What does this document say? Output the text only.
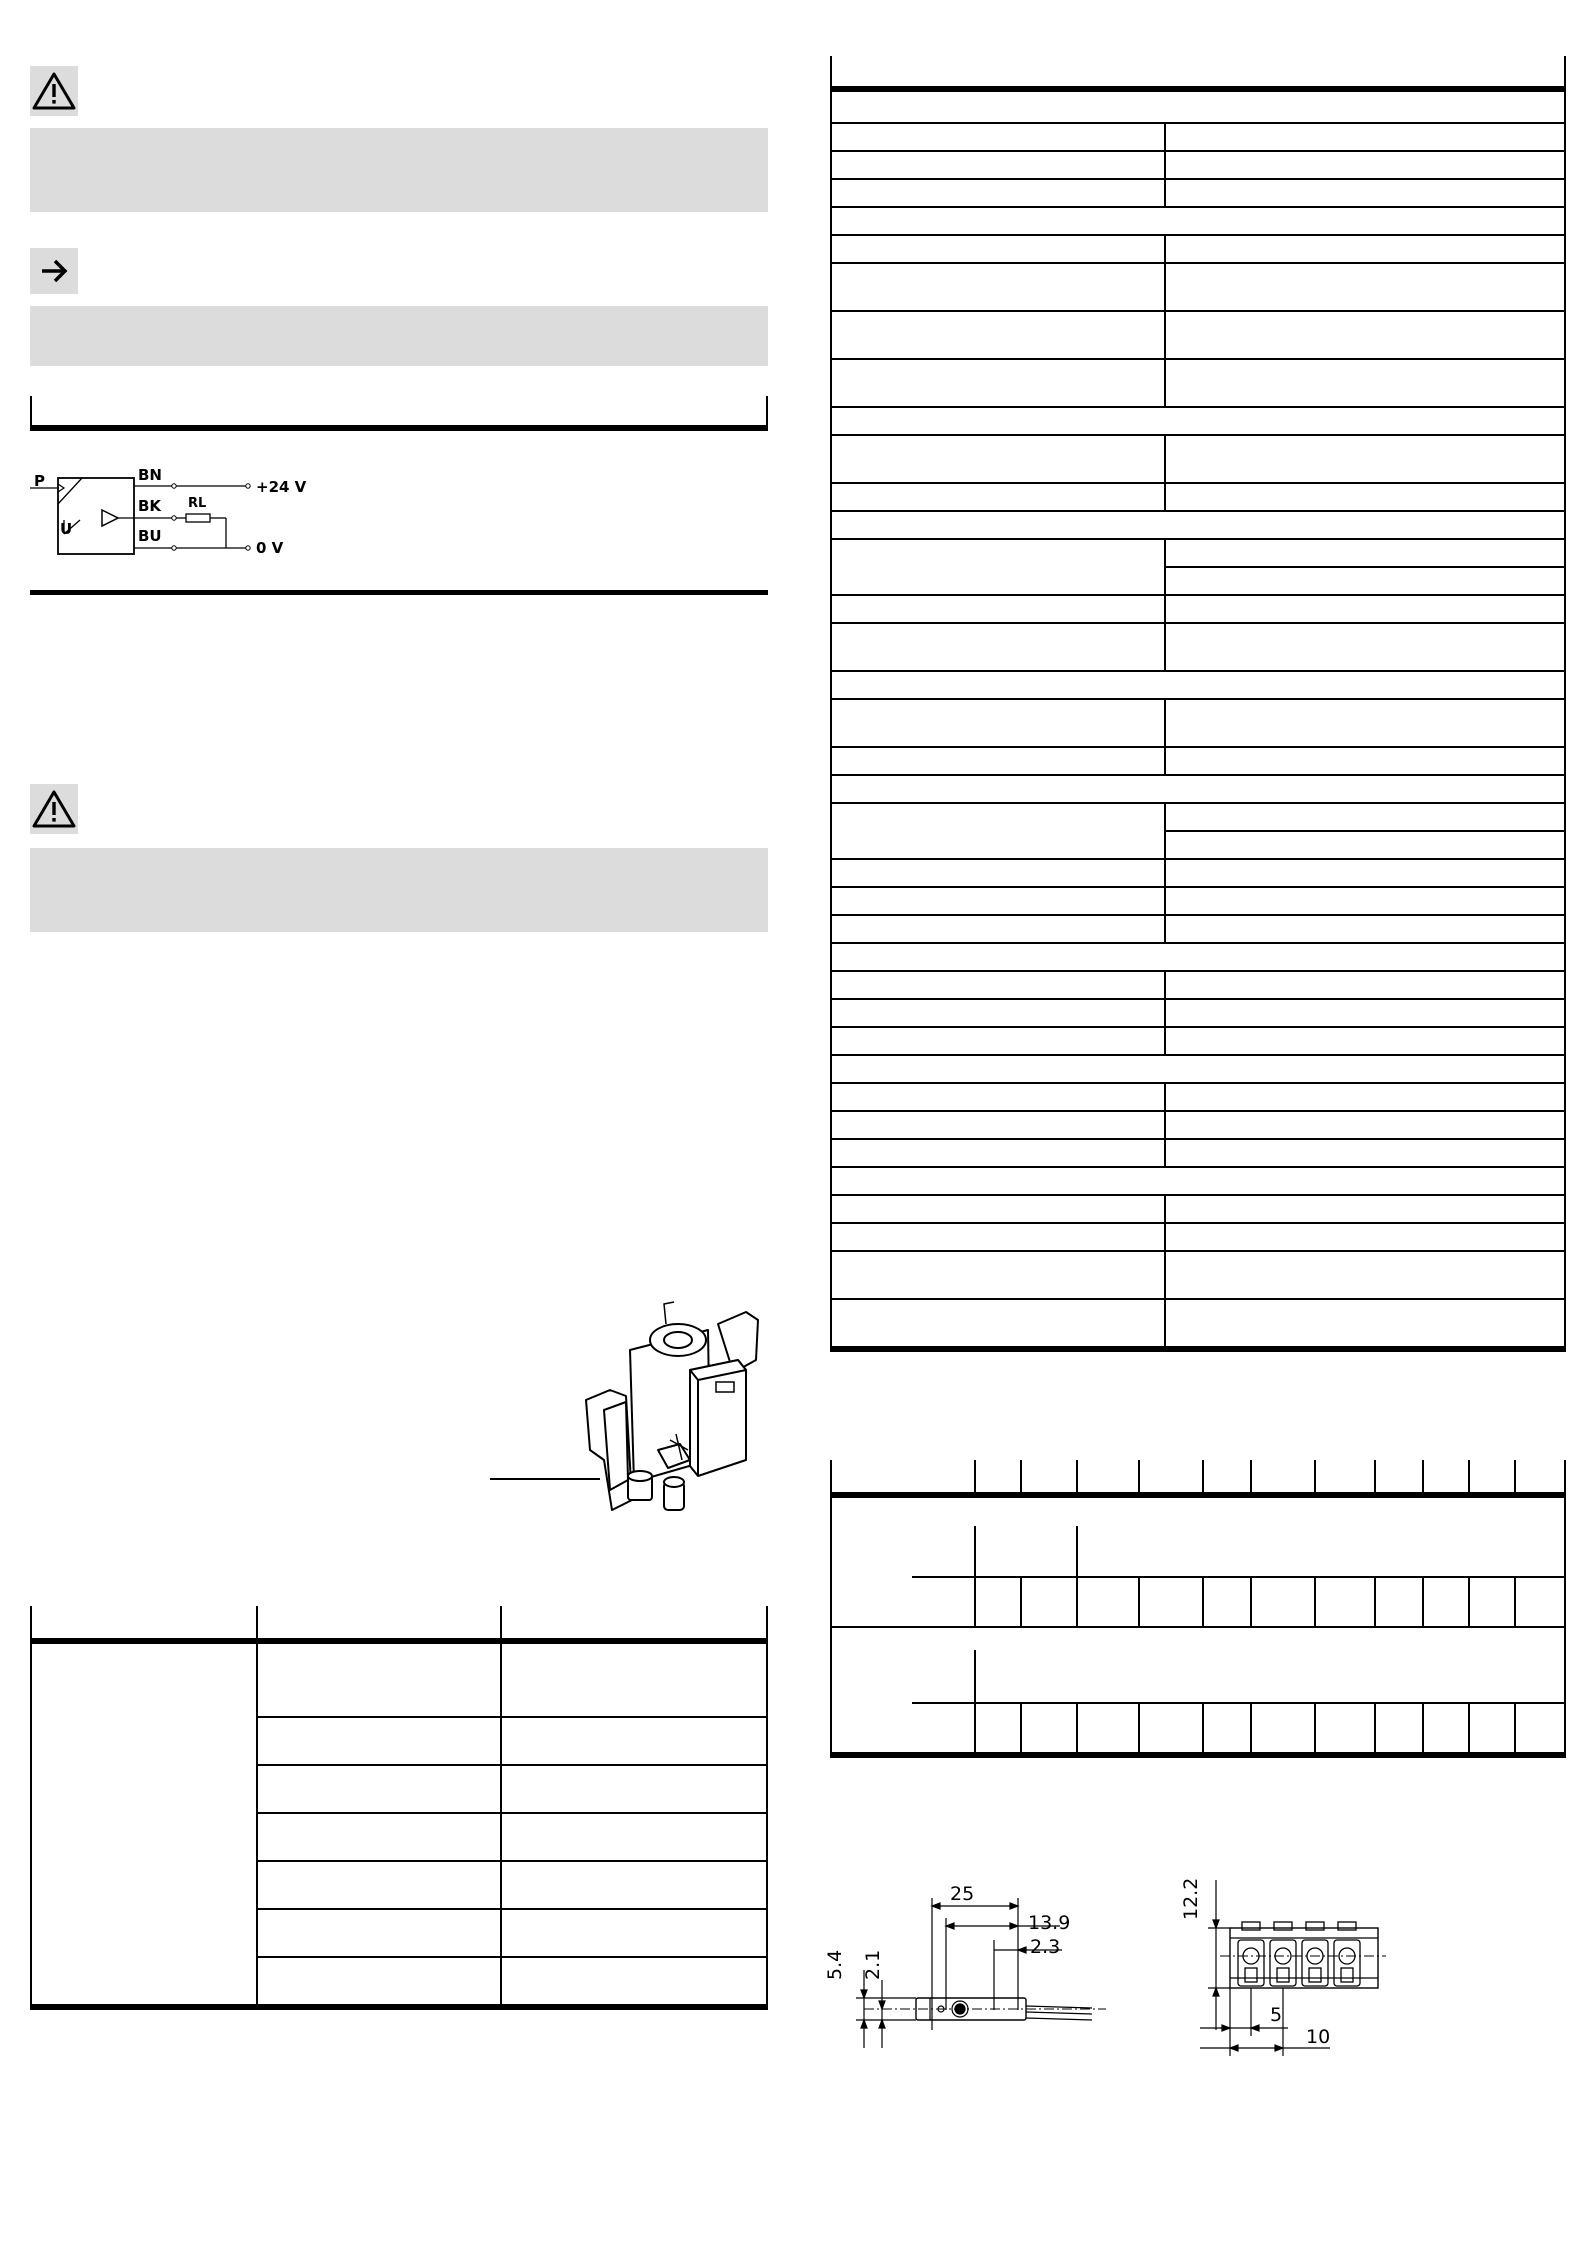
P
U
BN
BK
BU
RL
+24 V
0 V
25
13.9
2.3
5.4 2.1
12.2
5
10
